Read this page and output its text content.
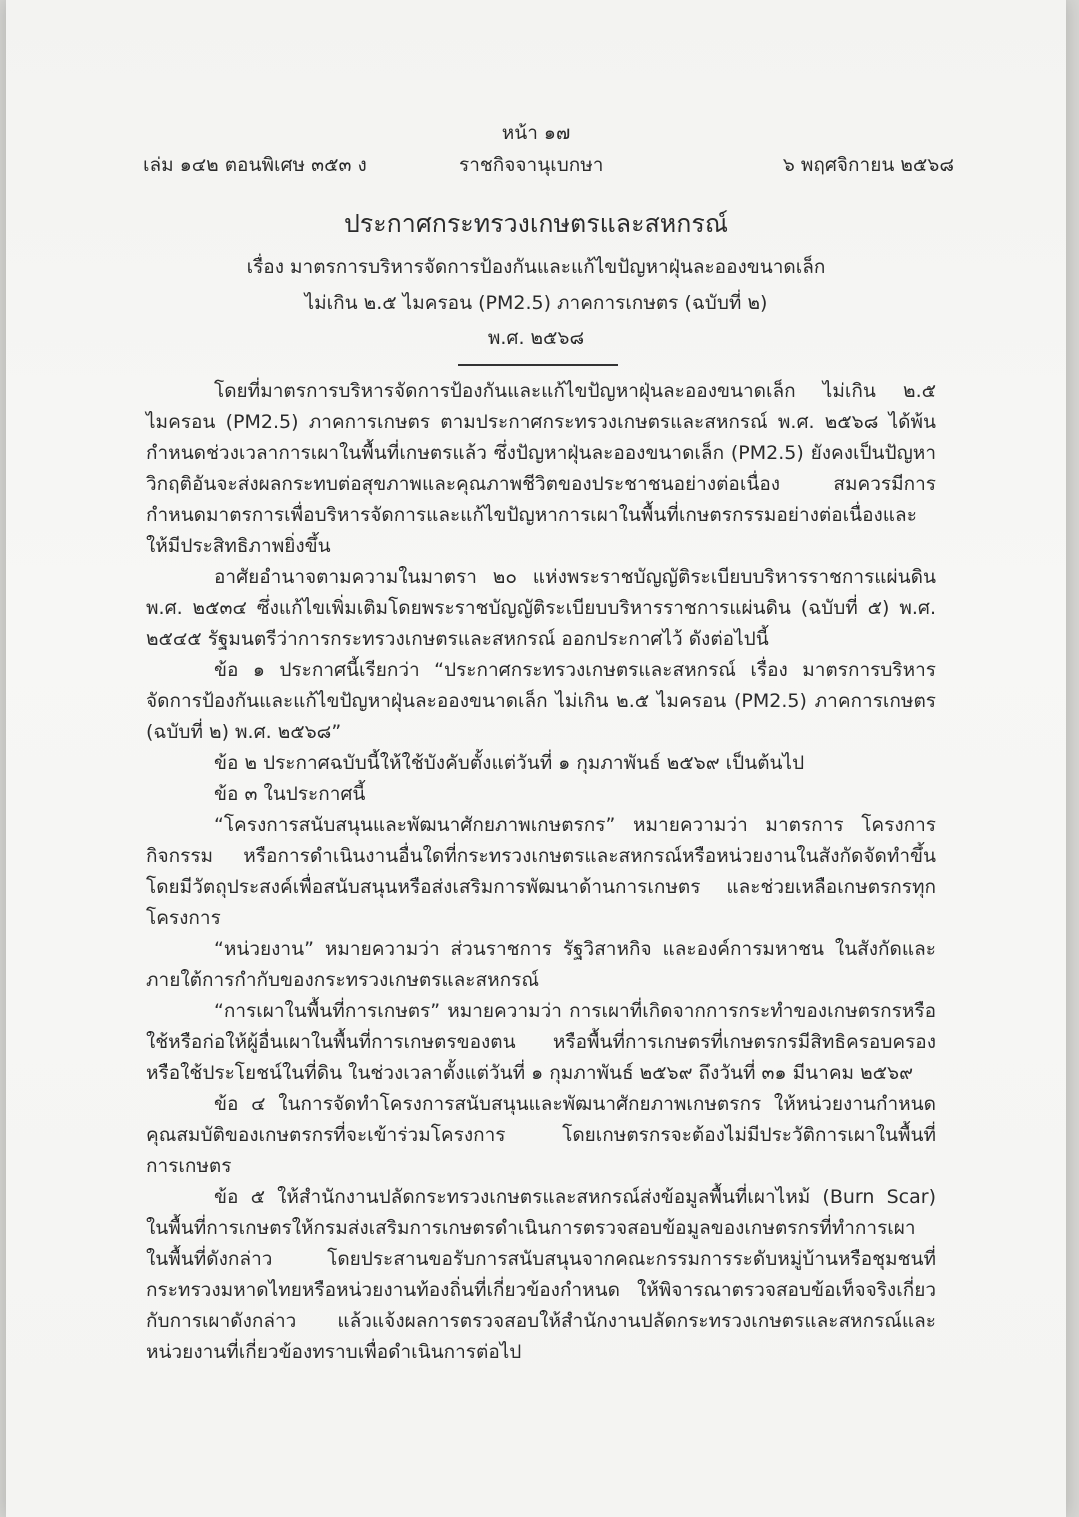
หน้า ๑๗
เล่ม ๑๔๒ ตอนพิเศษ ๓๕๓ ง	ราชกิจจานุเบกษา	๖ พฤศจิกายน ๒๕๖๘
ประกาศกระทรวงเกษตรและสหกรณ์
เรื่อง มาตรการบริหารจัดการป้องกันและแก้ไขปัญหาฝุ่นละอองขนาดเล็ก
ไม่เกิน ๒.๕ ไมครอน (PM2.5) ภาคการเกษตร (ฉบับที่ ๒)
พ.ศ. ๒๕๖๘

โดยที่มาตรการบริหารจัดการป้องกันและแก้ไขปัญหาฝุ่นละอองขนาดเล็ก ไม่เกิน ๒.๕ ไมครอน (PM2.5) ภาคการเกษตร ตามประกาศกระทรวงเกษตรและสหกรณ์ พ.ศ. ๒๕๖๘ ได้พ้นกำหนดช่วงเวลาการเผาในพื้นที่เกษตรแล้ว ซึ่งปัญหาฝุ่นละอองขนาดเล็ก (PM2.5) ยังคงเป็นปัญหาวิกฤติอันจะส่งผลกระทบต่อสุขภาพและคุณภาพชีวิตของประชาชนอย่างต่อเนื่อง สมควรมีการกำหนดมาตรการเพื่อบริหารจัดการและแก้ไขปัญหาการเผาในพื้นที่เกษตรกรรมอย่างต่อเนื่องและให้มีประสิทธิภาพยิ่งขึ้น

อาศัยอำนาจตามความในมาตรา ๒๐ แห่งพระราชบัญญัติระเบียบบริหารราชการแผ่นดิน พ.ศ. ๒๕๓๔ ซึ่งแก้ไขเพิ่มเติมโดยพระราชบัญญัติระเบียบบริหารราชการแผ่นดิน (ฉบับที่ ๕) พ.ศ. ๒๕๔๕ รัฐมนตรีว่าการกระทรวงเกษตรและสหกรณ์ ออกประกาศไว้ ดังต่อไปนี้

ข้อ ๑ ประกาศนี้เรียกว่า “ประกาศกระทรวงเกษตรและสหกรณ์ เรื่อง มาตรการบริหารจัดการป้องกันและแก้ไขปัญหาฝุ่นละอองขนาดเล็ก ไม่เกิน ๒.๕ ไมครอน (PM2.5) ภาคการเกษตร (ฉบับที่ ๒) พ.ศ. ๒๕๖๘”

ข้อ ๒ ประกาศฉบับนี้ให้ใช้บังคับตั้งแต่วันที่ ๑ กุมภาพันธ์ ๒๕๖๙ เป็นต้นไป

ข้อ ๓ ในประกาศนี้

“โครงการสนับสนุนและพัฒนาศักยภาพเกษตรกร” หมายความว่า มาตรการ โครงการ กิจกรรม หรือการดำเนินงานอื่นใดที่กระทรวงเกษตรและสหกรณ์หรือหน่วยงานในสังกัดจัดทำขึ้น โดยมีวัตถุประสงค์เพื่อสนับสนุนหรือส่งเสริมการพัฒนาด้านการเกษตร และช่วยเหลือเกษตรกรทุกโครงการ

“หน่วยงาน” หมายความว่า ส่วนราชการ รัฐวิสาหกิจ และองค์การมหาชน ในสังกัดและภายใต้การกำกับของกระทรวงเกษตรและสหกรณ์

“การเผาในพื้นที่การเกษตร” หมายความว่า การเผาที่เกิดจากการกระทำของเกษตรกรหรือใช้หรือก่อให้ผู้อื่นเผาในพื้นที่การเกษตรของตน หรือพื้นที่การเกษตรที่เกษตรกรมีสิทธิครอบครองหรือใช้ประโยชน์ในที่ดิน ในช่วงเวลาตั้งแต่วันที่ ๑ กุมภาพันธ์ ๒๕๖๙ ถึงวันที่ ๓๑ มีนาคม ๒๕๖๙

ข้อ ๔ ในการจัดทำโครงการสนับสนุนและพัฒนาศักยภาพเกษตรกร ให้หน่วยงานกำหนดคุณสมบัติของเกษตรกรที่จะเข้าร่วมโครงการ โดยเกษตรกรจะต้องไม่มีประวัติการเผาในพื้นที่การเกษตร

ข้อ ๕ ให้สำนักงานปลัดกระทรวงเกษตรและสหกรณ์ส่งข้อมูลพื้นที่เผาไหม้ (Burn Scar) ในพื้นที่การเกษตรให้กรมส่งเสริมการเกษตรดำเนินการตรวจสอบข้อมูลของเกษตรกรที่ทำการเผาในพื้นที่ดังกล่าว โดยประสานขอรับการสนับสนุนจากคณะกรรมการระดับหมู่บ้านหรือชุมชนที่กระทรวงมหาดไทยหรือหน่วยงานท้องถิ่นที่เกี่ยวข้องกำหนด ให้พิจารณาตรวจสอบข้อเท็จจริงเกี่ยวกับการเผาดังกล่าว แล้วแจ้งผลการตรวจสอบให้สำนักงานปลัดกระทรวงเกษตรและสหกรณ์และหน่วยงานที่เกี่ยวข้องทราบเพื่อดำเนินการต่อไป
